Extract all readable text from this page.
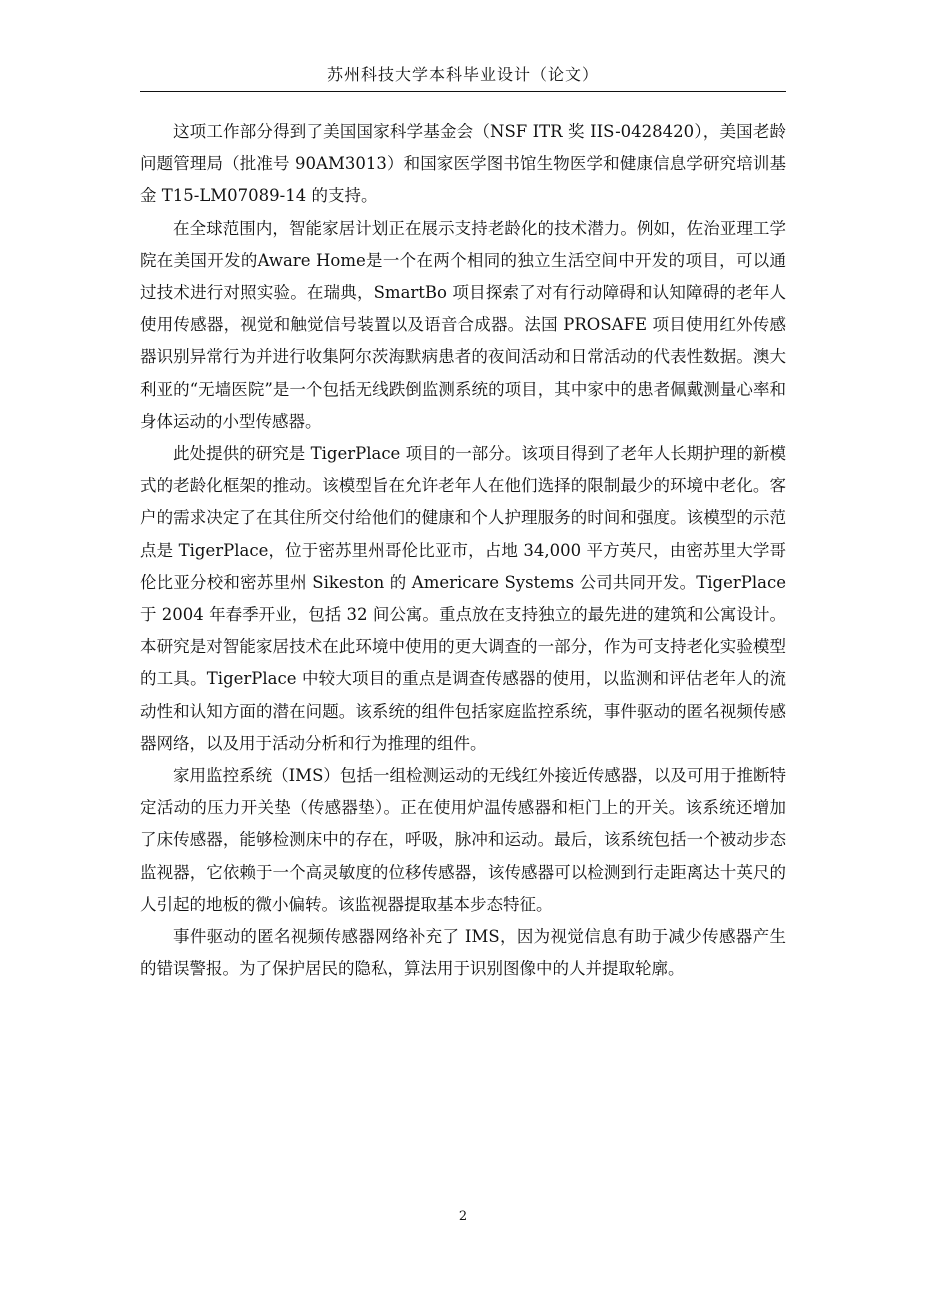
苏州科技大学本科毕业设计（论文）

这项工作部分得到了美国国家科学基金会（NSF ITR 奖 IIS-0428420），美国老龄问题管理局（批准号 90AM3013）和国家医学图书馆生物医学和健康信息学研究培训基金 T15-LM07089-14 的支持。

在全球范围内，智能家居计划正在展示支持老龄化的技术潜力。例如，佐治亚理工学院在美国开发的Aware Home是一个在两个相同的独立生活空间中开发的项目，可以通过技术进行对照实验。在瑞典，SmartBo 项目探索了对有行动障碍和认知障碍的老年人使用传感器，视觉和触觉信号装置以及语音合成器。法国 PROSAFE 项目使用红外传感器识别异常行为并进行收集阿尔茨海默病患者的夜间活动和日常活动的代表性数据。澳大利亚的“无墙医院”是一个包括无线跌倒监测系统的项目，其中家中的患者佩戴测量心率和身体运动的小型传感器。

此处提供的研究是 TigerPlace 项目的一部分。该项目得到了老年人长期护理的新模式的老龄化框架的推动。该模型旨在允许老年人在他们选择的限制最少的环境中老化。客户的需求决定了在其住所交付给他们的健康和个人护理服务的时间和强度。该模型的示范点是 TigerPlace，位于密苏里州哥伦比亚市，占地 34,000 平方英尺，由密苏里大学哥伦比亚分校和密苏里州 Sikeston 的 Americare Systems 公司共同开发。TigerPlace 于 2004 年春季开业，包括 32 间公寓。重点放在支持独立的最先进的建筑和公寓设计。本研究是对智能家居技术在此环境中使用的更大调查的一部分，作为可支持老化实验模型的工具。TigerPlace 中较大项目的重点是调查传感器的使用，以监测和评估老年人的流动性和认知方面的潜在问题。该系统的组件包括家庭监控系统，事件驱动的匿名视频传感器网络，以及用于活动分析和行为推理的组件。

家用监控系统（IMS）包括一组检测运动的无线红外接近传感器，以及可用于推断特定活动的压力开关垫（传感器垫）。正在使用炉温传感器和柜门上的开关。该系统还增加了床传感器，能够检测床中的存在，呼吸，脉冲和运动。最后，该系统包括一个被动步态监视器，它依赖于一个高灵敏度的位移传感器，该传感器可以检测到行走距离达十英尺的人引起的地板的微小偏转。该监视器提取基本步态特征。

事件驱动的匿名视频传感器网络补充了 IMS，因为视觉信息有助于减少传感器产生的错误警报。为了保护居民的隐私，算法用于识别图像中的人并提取轮廓。

2
